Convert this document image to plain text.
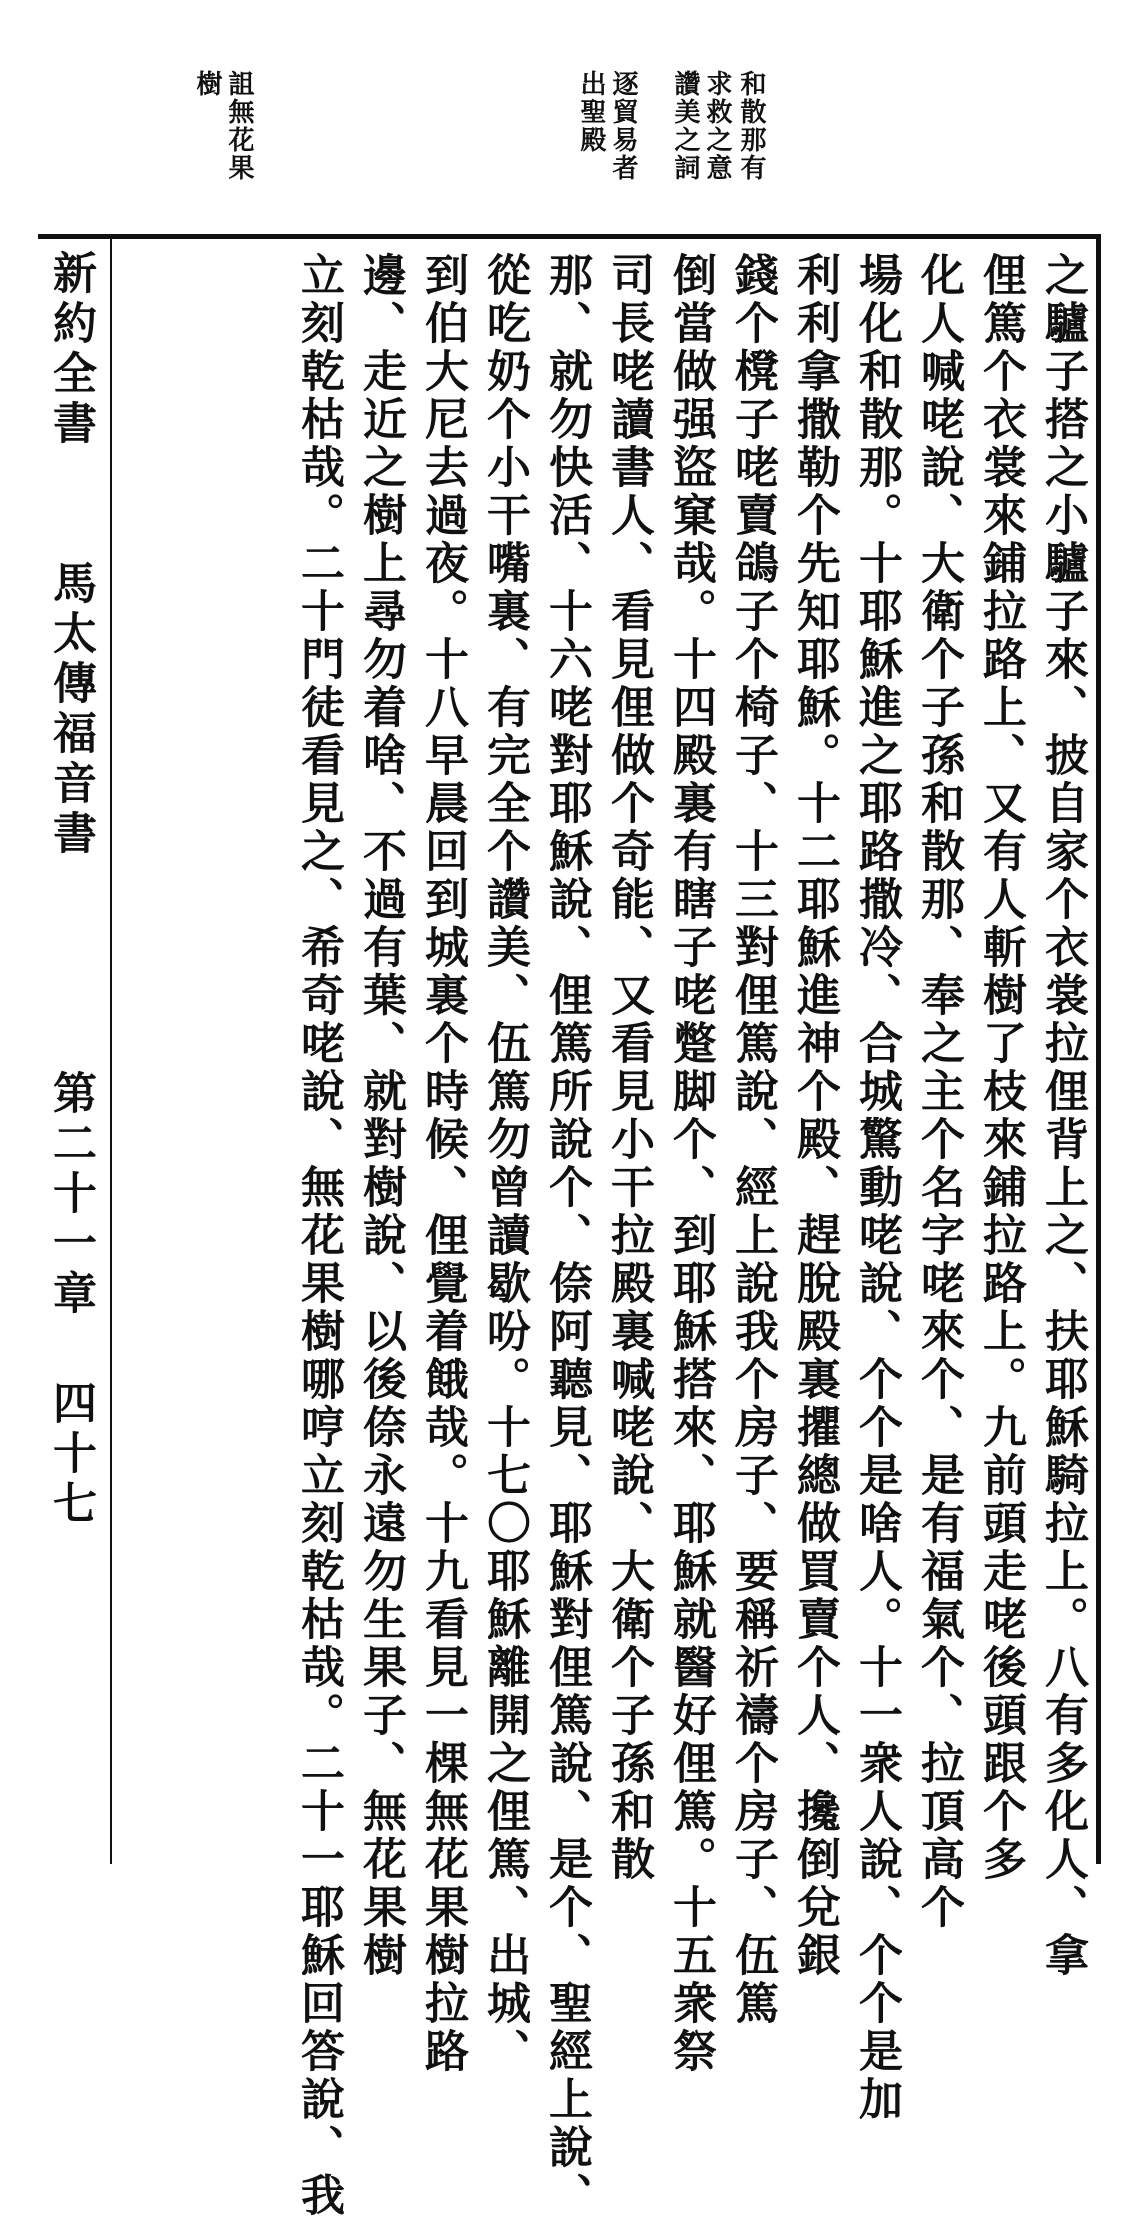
和散那有
求救之意
讚美之詞
逐貿易者
出聖殿
詛無花果
樹
之驢子搭之小驢子來、披自家个衣裳拉俚背上之、扶耶穌騎拉上。八有多化人、拿
俚篤个衣裳來鋪拉路上、又有人斬樹了枝來鋪拉路上。九前頭走咾後頭跟个多
化人喊咾說、大衛个子孫和散那、奉之主个名字咾來个、是有福氣个、拉頂高个
場化和散那。十耶穌進之耶路撒冷、合城驚動咾說、个个是啥人。十一衆人說、个个是加
利利拿撒勒个先知耶穌。十二耶穌進神个殿、趕脫殿裏㩴總做買賣个人、攙倒兌銀
錢个櫈子咾賣鴿子个椅子、十三對俚篤說、經上說我个房子、要稱祈禱个房子、伍篤
倒當做强盜窠哉。十四殿裏有瞎子咾蹩脚个、到耶穌搭來、耶穌就醫好俚篤。十五衆祭
司長咾讀書人、看見俚做个奇能、又看見小干拉殿裏喊咾說、大衛个子孫和散
那、就勿快活、十六咾對耶穌說、俚篤所說个、倷阿聽見、耶穌對俚篤說、是个、聖經上說、
從吃奶个小干嘴裏、有完全个讚美、伍篤勿曾讀歇吩。十七〇耶穌離開之俚篤、出城、
到伯大尼去過夜。十八早晨回到城裏个時候、俚覺着餓哉。十九看見一棵無花果樹拉路
邊、走近之樹上尋勿着啥、不過有葉、就對樹說、以後倷永遠勿生果子、無花果樹
立刻乾枯哉。二十門徒看見之、希奇咾說、無花果樹哪哼立刻乾枯哉。二十一耶穌回答說、我
新約全書
馬太傳福音書
第二十一章
四十七
